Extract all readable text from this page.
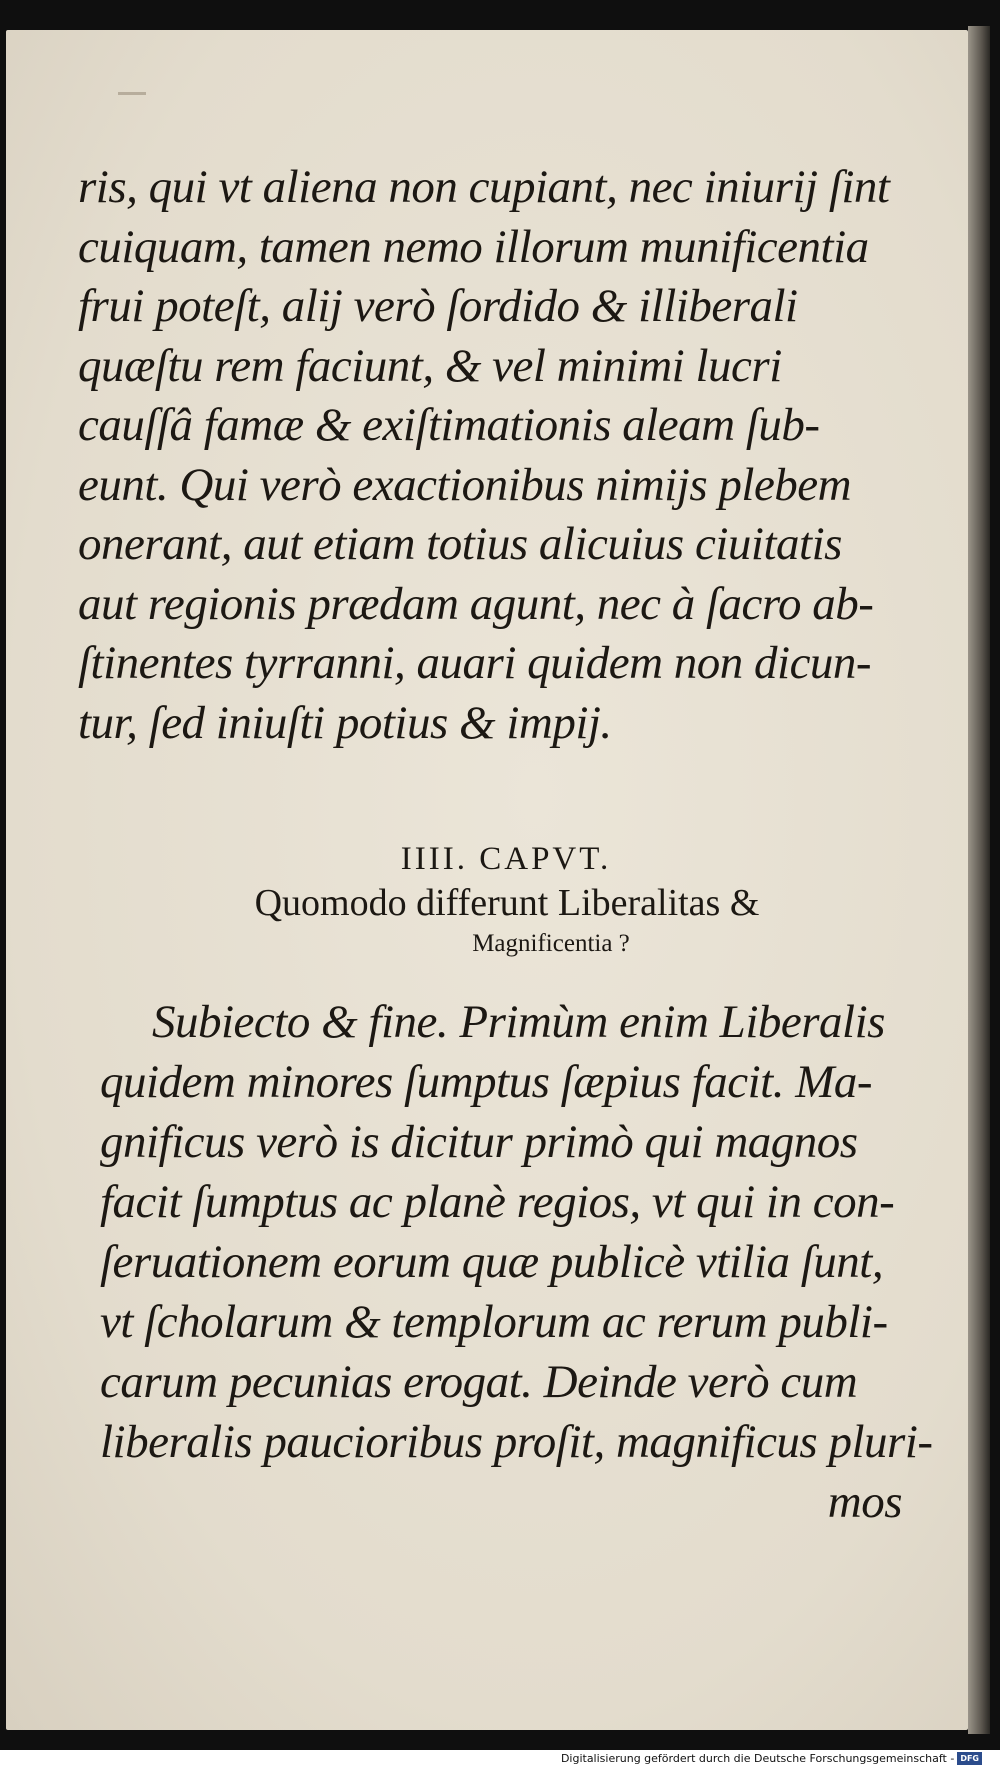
ris, qui vt aliena non cupiant, nec iniurij ſint
cuiquam, tamen nemo illorum munificentia
frui poteſt, alij verò ſordido & illiberali
quæſtu rem faciunt, & vel minimi lucri
cauſſâ famæ & exiſtimationis aleam ſub-
eunt. Qui verò exactionibus nimijs plebem
onerant, aut etiam totius alicuius ciuitatis
aut regionis prædam agunt, nec à ſacro ab-
ſtinentes tyrranni, auari quidem non dicun-
tur, ſed iniuſti potius & impij.
IIII. CAPVT.
Quomodo differunt Liberalitas &
Magnificentia ?
Subiecto & fine. Primùm enim Liberalis
quidem minores ſumptus ſæpius facit. Ma-
gnificus verò is dicitur primò qui magnos
facit ſumptus ac planè regios, vt qui in con-
ſeruationem eorum quæ publicè vtilia ſunt,
vt ſcholarum & templorum ac rerum publi-
carum pecunias erogat. Deinde verò cum
liberalis paucioribus proſit, magnificus pluri-
mos
Digitalisierung gefördert durch die Deutsche Forschungsgemeinschaft - DFG
